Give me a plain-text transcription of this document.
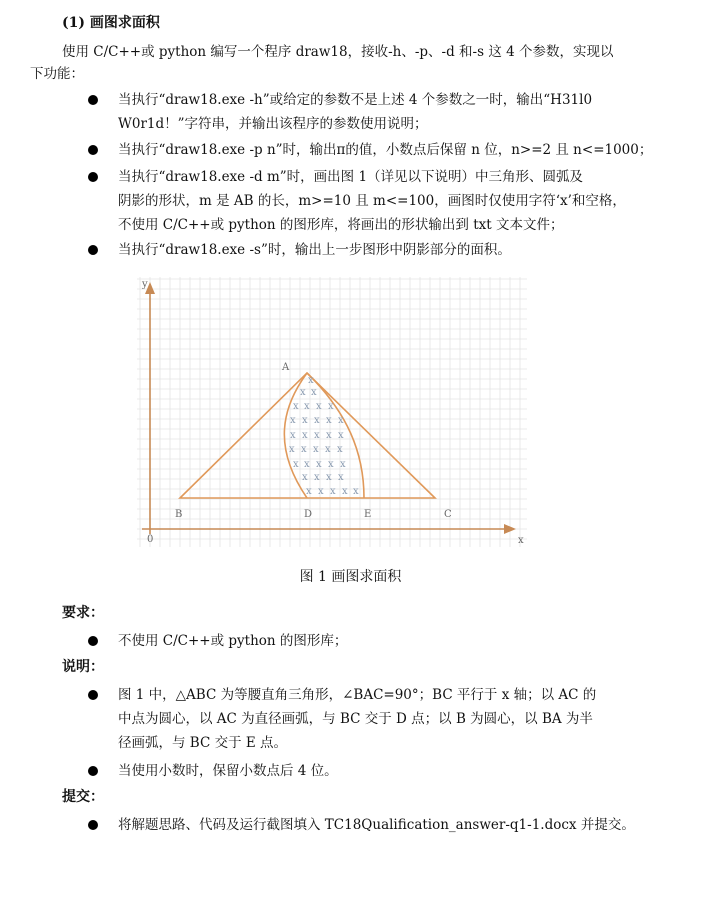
(1) 画图求面积
使用 C/C++或 python 编写一个程序 draw18，接收-h、-p、-d 和-s 这 4 个参数，实现以
下功能：
当执行“draw18.exe -h”或给定的参数不是上述 4 个参数之一时，输出“H31l0
W0r1d！”字符串，并输出该程序的参数使用说明；
当执行“draw18.exe -p n”时，输出π的值，小数点后保留 n 位，n>=2 且 n<=1000；
当执行“draw18.exe -d m”时，画出图 1（详见以下说明）中三角形、圆弧及
阴影的形状，m 是 AB 的长，m>=10 且 m<=100，画图时仅使用字符‘x’和空格，
不使用 C/C++或 python 的图形库，将画出的形状输出到 txt 文本文件；
当执行“draw18.exe -s”时，输出上一步图形中阴影部分的面积。
y
x
0
x
x x
x x x x
x x x x x
x x x x x
x x x x x
x x x x x
x x x x
x x x x x
A
B	D	E	C
图 1 画图求面积
要求：
不使用 C/C++或 python 的图形库；
说明：
图 1 中，△ABC 为等腰直角三角形，∠BAC=90°；BC 平行于 x 轴；以 AC 的
中点为圆心，以 AC 为直径画弧，与 BC 交于 D 点；以 B 为圆心，以 BA 为半
径画弧，与 BC 交于 E 点。
当使用小数时，保留小数点后 4 位。
提交：
将解题思路、代码及运行截图填入 TC18Qualification_answer-q1-1.docx 并提交。
